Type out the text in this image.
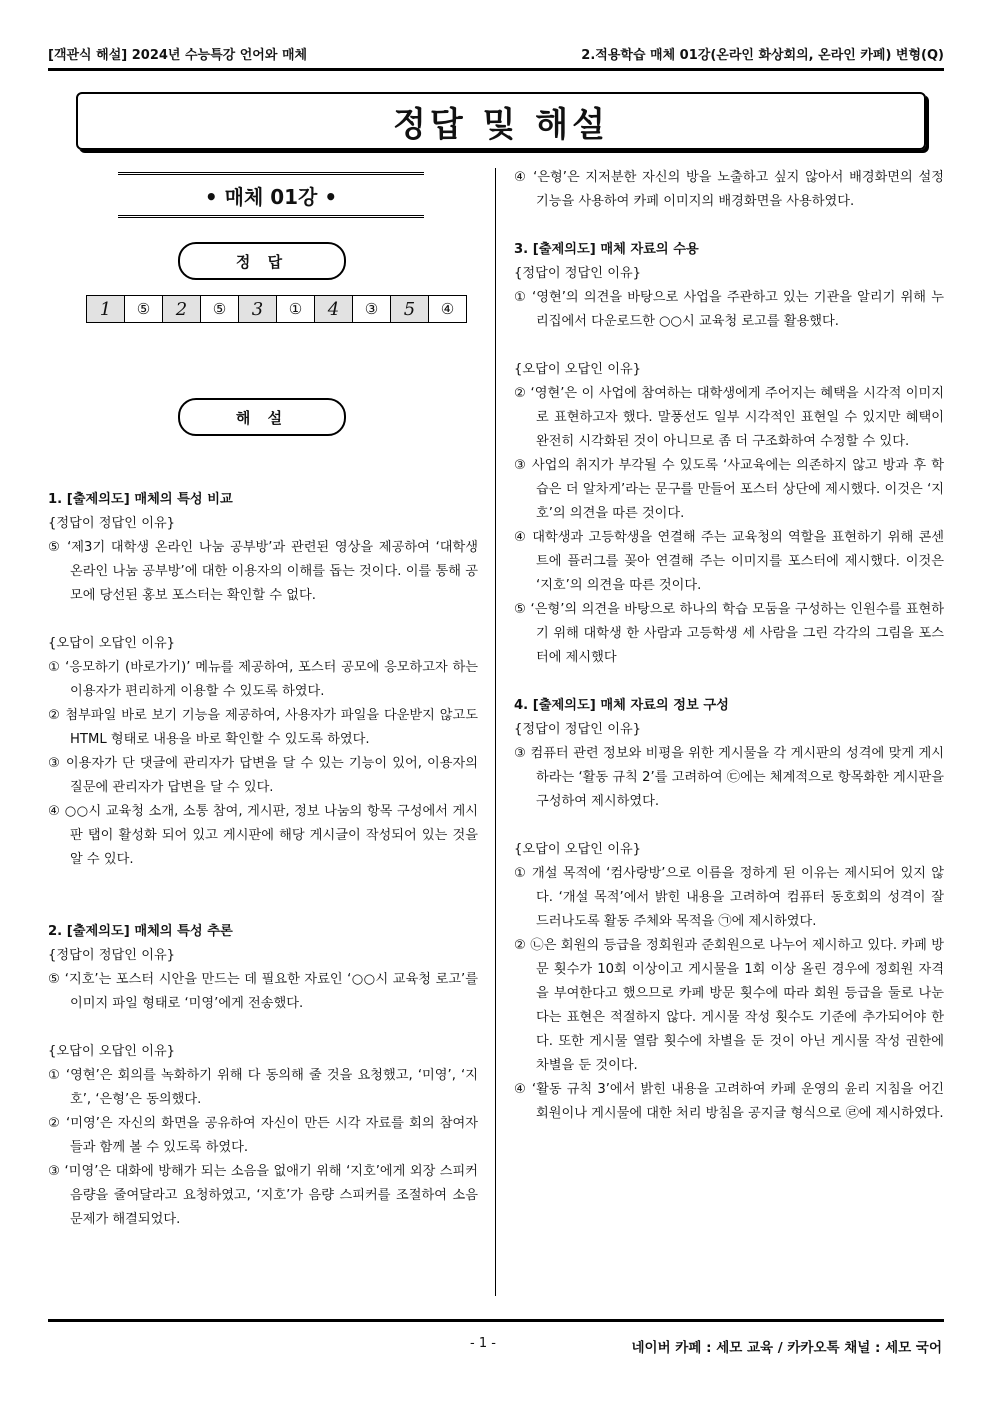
[객관식 해설] 2024년 수능특강 언어와 매체	2.적용학습 매체 01강(온라인 화상회의, 온라인 카페) 변형(Q)
정답 및 해설
• 매체 01강 •
정 답
1	⑤	2	⑤	3	①	4	③	5	④
해 설
1. [출제의도] 매체의 특성 비교
{정답이 정답인 이유}
⑤ ‘제3기 대학생 온라인 나눔 공부방’과 관련된 영상을 제공하여 ‘대학생 온라인 나눔 공부방’에 대한 이용자의 이해를 돕는 것이다. 이를 통해 공모에 당선된 홍보 포스터는 확인할 수 없다.
{오답이 오답인 이유}
① ‘응모하기 (바로가기)’ 메뉴를 제공하여, 포스터 공모에 응모하고자 하는 이용자가 편리하게 이용할 수 있도록 하였다.
② 첨부파일 바로 보기 기능을 제공하여, 사용자가 파일을 다운받지 않고도 HTML 형태로 내용을 바로 확인할 수 있도록 하였다.
③ 이용자가 단 댓글에 관리자가 답변을 달 수 있는 기능이 있어, 이용자의 질문에 관리자가 답변을 달 수 있다.
④ ○○시 교육청 소개, 소통 참여, 게시판, 정보 나눔의 항목 구성에서 게시판 탭이 활성화 되어 있고 게시판에 해당 게시글이 작성되어 있는 것을 알 수 있다.
2. [출제의도] 매체의 특성 추론
{정답이 정답인 이유}
⑤ ‘지호’는 포스터 시안을 만드는 데 필요한 자료인 ‘○○시 교육청 로고’를 이미지 파일 형태로 ‘미영’에게 전송했다.
{오답이 오답인 이유}
① ‘영현’은 회의를 녹화하기 위해 다 동의해 줄 것을 요청했고, ‘미영’, ‘지호’, ‘은형’은 동의했다.
② ‘미영’은 자신의 화면을 공유하여 자신이 만든 시각 자료를 회의 참여자들과 함께 볼 수 있도록 하였다.
③ ‘미영’은 대화에 방해가 되는 소음을 없애기 위해 ‘지호’에게 외장 스피커 음량을 줄여달라고 요청하였고, ‘지호’가 음량 스피커를 조절하여 소음 문제가 해결되었다.
④ ‘은형’은 지저분한 자신의 방을 노출하고 싶지 않아서 배경화면의 설정 기능을 사용하여 카페 이미지의 배경화면을 사용하였다.
3. [출제의도] 매체 자료의 수용
{정답이 정답인 이유}
① ‘영현’의 의견을 바탕으로 사업을 주관하고 있는 기관을 알리기 위해 누리집에서 다운로드한 ○○시 교육청 로고를 활용했다.
{오답이 오답인 이유}
② ‘영현’은 이 사업에 참여하는 대학생에게 주어지는 혜택을 시각적 이미지로 표현하고자 했다. 말풍선도 일부 시각적인 표현일 수 있지만 혜택이 완전히 시각화된 것이 아니므로 좀 더 구조화하여 수정할 수 있다.
③ 사업의 취지가 부각될 수 있도록 ‘사교육에는 의존하지 않고 방과 후 학습은 더 알차게’라는 문구를 만들어 포스터 상단에 제시했다. 이것은 ‘지호’의 의견을 따른 것이다.
④ 대학생과 고등학생을 연결해 주는 교육청의 역할을 표현하기 위해 콘센트에 플러그를 꽂아 연결해 주는 이미지를 포스터에 제시했다. 이것은 ‘지호’의 의견을 따른 것이다.
⑤ ‘은형’의 의견을 바탕으로 하나의 학습 모둠을 구성하는 인원수를 표현하기 위해 대학생 한 사람과 고등학생 세 사람을 그린 각각의 그림을 포스터에 제시했다
4. [출제의도] 매체 자료의 정보 구성
{정답이 정답인 이유}
③ 컴퓨터 관련 정보와 비평을 위한 게시물을 각 게시판의 성격에 맞게 게시하라는 ‘활동 규칙 2’를 고려하여 ㉢에는 체계적으로 항목화한 게시판을 구성하여 제시하였다.
{오답이 오답인 이유}
① 개설 목적에 ‘컴사랑방’으로 이름을 정하게 된 이유는 제시되어 있지 않다. ‘개설 목적’에서 밝힌 내용을 고려하여 컴퓨터 동호회의 성격이 잘 드러나도록 활동 주체와 목적을 ㉠에 제시하였다.
② ㉡은 회원의 등급을 정회원과 준회원으로 나누어 제시하고 있다. 카페 방문 횟수가 10회 이상이고 게시물을 1회 이상 올린 경우에 정회원 자격을 부여한다고 했으므로 카페 방문 횟수에 따라 회원 등급을 둘로 나눈다는 표현은 적절하지 않다. 게시물 작성 횟수도 기준에 추가되어야 한다. 또한 게시물 열람 횟수에 차별을 둔 것이 아닌 게시물 작성 권한에 차별을 둔 것이다.
④ ‘활동 규칙 3’에서 밝힌 내용을 고려하여 카페 운영의 윤리 지침을 어긴 회원이나 게시물에 대한 처리 방침을 공지글 형식으로 ㉣에 제시하였다.
- 1 -	네이버 카페 : 세모 교육 / 카카오톡 채널 : 세모 국어
